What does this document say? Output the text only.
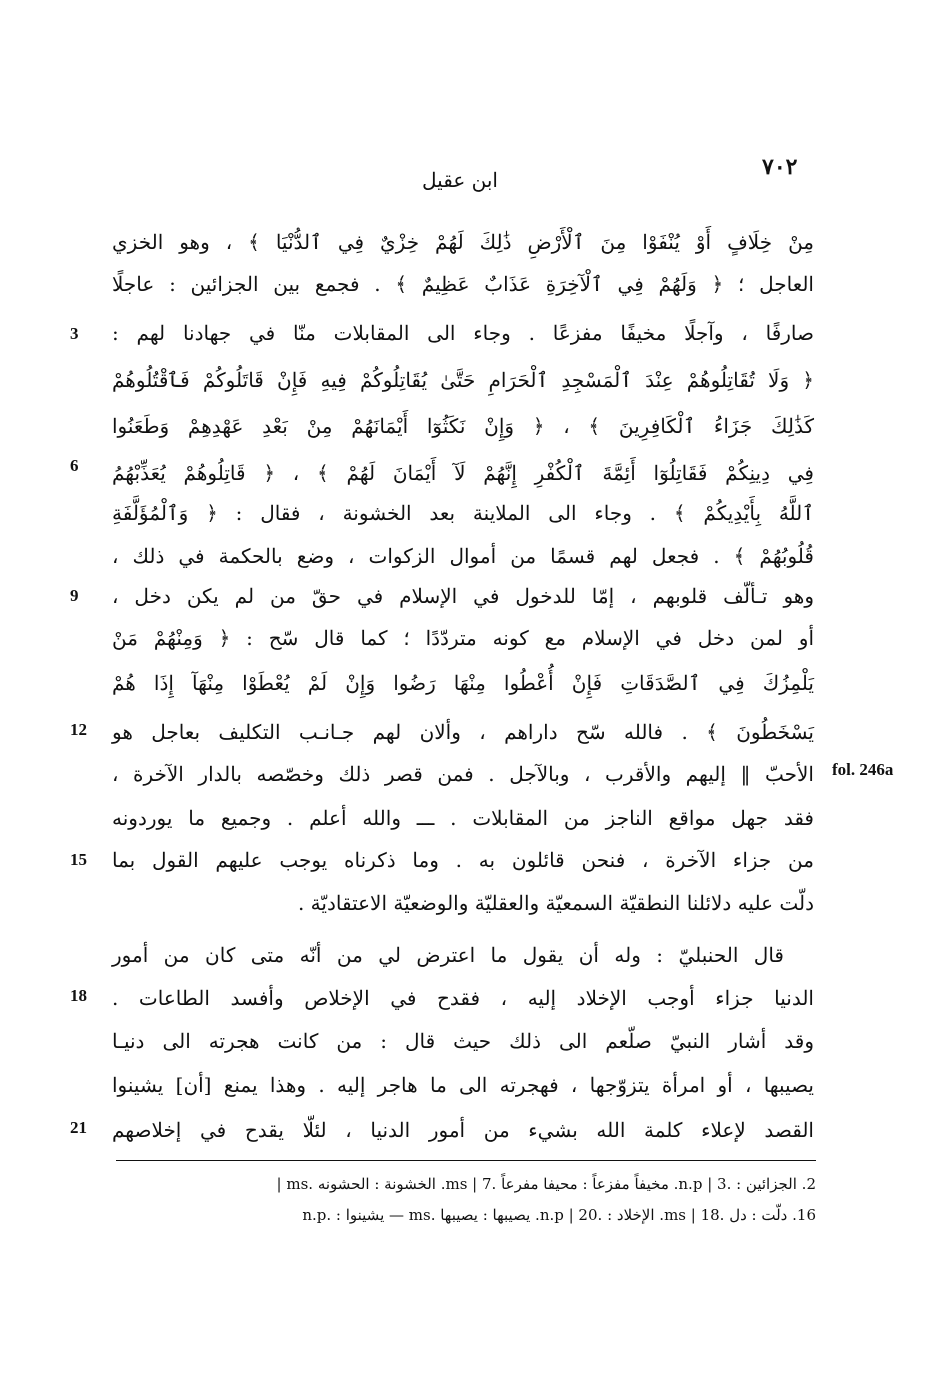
٧٠٢
ابن عقيل
مِنْ خِلَافٍ أَوْ يُنْفَوْا مِنَ ٱلْأَرْضِ ذَٰلِكَ لَهُمْ خِزْيٌ فِي ٱلدُّنْيَا ﴾ ، وهو الخزي
العاجل ؛ ﴿ وَلَهُمْ فِي ٱلْآخِرَةِ عَذَابٌ عَظِيمٌ ﴾ . فجمع بين الجزائين : عاجلًا
صارفًا ، وآجلًا مخيفًا مفزعًا . وجاء الى المقابلات منّا في جهادنا لهم :
﴿ وَلَا تُقَاتِلُوهُمْ عِنْدَ ٱلْمَسْجِدِ ٱلْحَرَامِ حَتَّىٰ يُقَاتِلُوكُمْ فِيهِ فَإِنْ قَاتَلُوكُمْ فَٱقْتُلُوهُمْ
كَذَٰلِكَ جَزَاءُ ٱلْكَافِرِينَ ﴾ ، ﴿ وَإِنْ نَكَثُوٓا أَيْمَانَهُمْ مِنْ بَعْدِ عَهْدِهِمْ وَطَعَنُوا
فِي دِينِكُمْ فَقَاتِلُوٓا أَئِمَّةَ ٱلْكُفْرِ إِنَّهُمْ لَآ أَيْمَانَ لَهُمْ ﴾ ، ﴿ قَاتِلُوهُمْ يُعَذِّبْهُمُ
ٱللَّهُ بِأَيْدِيكُمْ ﴾ . وجاء الى الملاينة بعد الخشونة ، فقال : ﴿ وَٱلْمُؤَلَّفَةِ
قُلُوبُهُمْ ﴾ . فجعل لهم قسمًا من أموال الزكوات ، وضع بالحكمة في ذلك ،
وهو تـألّف قلوبهم ، إمّا للدخول في الإسلام في حقّ من لم يكن دخل ،
أو لمن دخل في الإسلام مع كونه متردّدًا ؛ كما قال سّح : ﴿ وَمِنْهُمْ مَنْ
يَلْمِزُكَ فِي ٱلصَّدَقَاتِ فَإِنْ أُعْطُوا مِنْهَا رَضُوا وَإِنْ لَمْ يُعْطَوْا مِنْهَآ إِذَا هُمْ
يَسْخَطُونَ ﴾ . فالله سّح داراهم ، وألان لهم جـانـب التكليف بعاجل هو
الأحبّ ‖ إليهم والأقرب ، وبالآجل . فمن قصر ذلك وخصّصه بالدار الآخرة ،
فقد جهل مواقع الناجز من المقابلات . ـــ والله أعلم . وجميع ما يوردونه
من جزاء الآخرة ، فنحن قائلون به . وما ذكرناه يوجب عليهم القول بما
دلّت عليه دلائلنا النطقيّة السمعيّة والعقليّة والوضعيّة الاعتقاديّة .
قال الحنبليّ : وله أن يقول ما اعترض لي من أنّه متى كان من أمور
الدنيا جزاء أوجب الإخلاد إليه ، فقدح في الإخلاص وأفسد الطاعات .
وقد أشار النبيّ صلّعم الى ذلك حيث قال : من كانت هجرته الى دنيـا
يصيبها ، أو امرأة يتزوّجها ، فهجرته الى ما هاجر إليه . وهذا يمنع [أن] يشينوا
القصد لإعلاء كلمة الله بشيء من أمور الدنيا ، لئلّا يقدح في إخلاصهم
3
6
9
12
15
18
21
fol. 246a
2. الجزائين : .n.p | 3. مخيفاً مفزعاً : محيفا مفرعاً .ms | 7. الخشونة : الحشونه .ms |
16. دلّت : دل .ms | 18. الإخلاد : .n.p | 20. يصيبها : يصيبها .ms — يشينوا : .n.p
